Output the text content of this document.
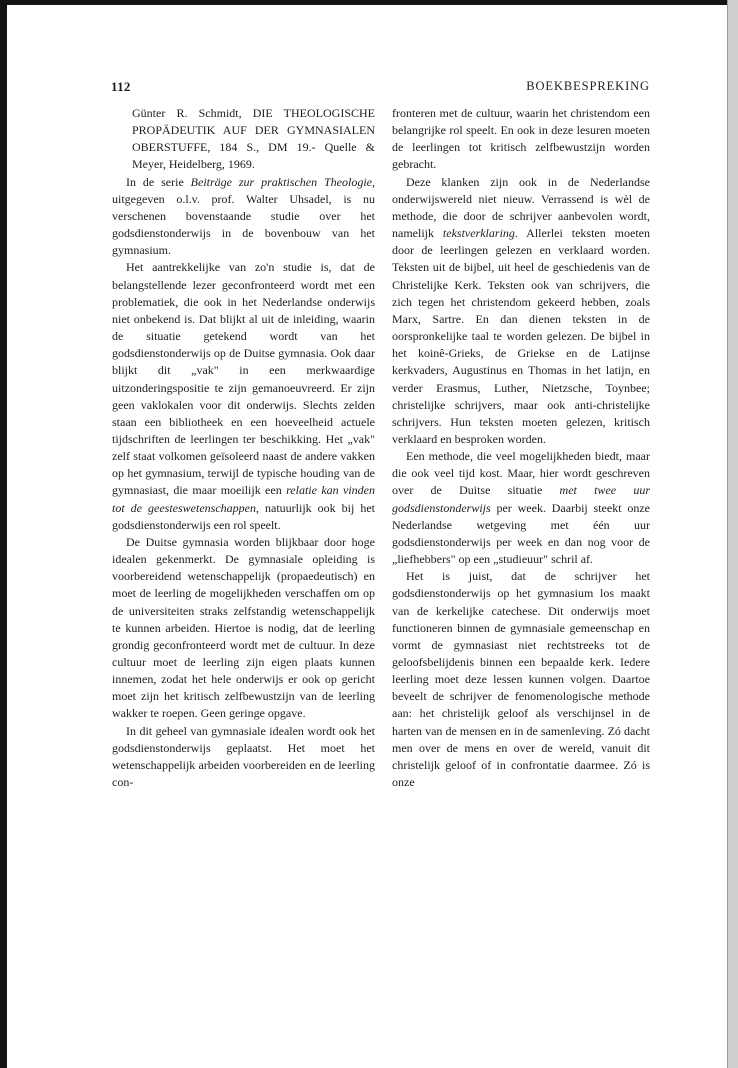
112	BOEKBESPREKING

Günter R. Schmidt, DIE THEOLOGISCHE PROPÄDEUTIK AUF DER GYMNASIALEN OBERSTUFFE, 184 S., DM 19.- Quelle & Meyer, Heidelberg, 1969.

In de serie Beiträge zur praktischen Theologie, uitgegeven o.l.v. prof. Walter Uhsadel, is nu verschenen bovenstaande studie over het godsdienstonderwijs in de bovenbouw van het gymnasium.

Het aantrekkelijke van zo'n studie is, dat de belangstellende lezer geconfronteerd wordt met een problematiek, die ook in het Nederlandse onderwijs niet onbekend is. Dat blijkt al uit de inleiding, waarin de situatie getekend wordt van het godsdienstonderwijs op de Duitse gymnasia. Ook daar blijkt dit „vak" in een merkwaardige uitzonderingspositie te zijn gemanoeuvreerd. Er zijn geen vaklokalen voor dit onderwijs. Slechts zelden staan een bibliotheek en een hoeveelheid actuele tijdschriften de leerlingen ter beschikking. Het „vak" zelf staat volkomen geïsoleerd naast de andere vakken op het gymnasium, terwijl de typische houding van de gymnasiast, die maar moeilijk een relatie kan vinden tot de geesteswetenschappen, natuurlijk ook bij het godsdienstonderwijs een rol speelt.

De Duitse gymnasia worden blijkbaar door hoge idealen gekenmerkt. De gymnasiale opleiding is voorbereidend wetenschappelijk (propaedeutisch) en moet de leerling de mogelijkheden verschaffen om op de universiteiten straks zelfstandig wetenschappelijk te kunnen arbeiden. Hiertoe is nodig, dat de leerling grondig geconfronteerd wordt met de cultuur. In deze cultuur moet de leerling zijn eigen plaats kunnen innemen, zodat het hele onderwijs er ook op gericht moet zijn het kritisch zelfbewustzijn van de leerling wakker te roepen. Geen geringe opgave.

In dit geheel van gymnasiale idealen wordt ook het godsdienstonderwijs geplaatst. Het moet het wetenschappelijk arbeiden voorbereiden en de leerling con-

fronteren met de cultuur, waarin het christendom een belangrijke rol speelt. En ook in deze lesuren moeten de leerlingen tot kritisch zelfbewustzijn worden gebracht.

Deze klanken zijn ook in de Nederlandse onderwijswereld niet nieuw. Verrassend is wèl de methode, die door de schrijver aanbevolen wordt, namelijk tekstverklaring. Allerlei teksten moeten door de leerlingen gelezen en verklaard worden. Teksten uit de bijbel, uit heel de geschiedenis van de Christelijke Kerk. Teksten ook van schrijvers, die zich tegen het christendom gekeerd hebben, zoals Marx, Sartre. En dan dienen teksten in de oorspronkelijke taal te worden gelezen. De bijbel in het koinê-Grieks, de Griekse en de Latijnse kerkvaders, Augustinus en Thomas in het latijn, en verder Erasmus, Luther, Nietzsche, Toynbee; christelijke schrijvers, maar ook anti-christelijke schrijvers. Hun teksten moeten gelezen, kritisch verklaard en besproken worden.

Een methode, die veel mogelijkheden biedt, maar die ook veel tijd kost. Maar, hier wordt geschreven over de Duitse situatie met twee uur godsdienstonderwijs per week. Daarbij steekt onze Nederlandse wetgeving met één uur godsdienstonderwijs per week en dan nog voor de „liefhebbers" op een „studieuur" schril af.

Het is juist, dat de schrijver het godsdienstonderwijs op het gymnasium los maakt van de kerkelijke catechese. Dit onderwijs moet functioneren binnen de gymnasiale gemeenschap en vormt de gymnasiast niet rechtstreeks tot de geloofsbelijdenis binnen een bepaalde kerk. Iedere leerling moet deze lessen kunnen volgen. Daartoe beveelt de schrijver de fenomenologische methode aan: het christelijk geloof als verschijnsel in de harten van de mensen en in de samenleving. Zó dacht men over de mens en over de wereld, vanuit dit christelijk geloof of in confrontatie daarmee. Zó is onze
